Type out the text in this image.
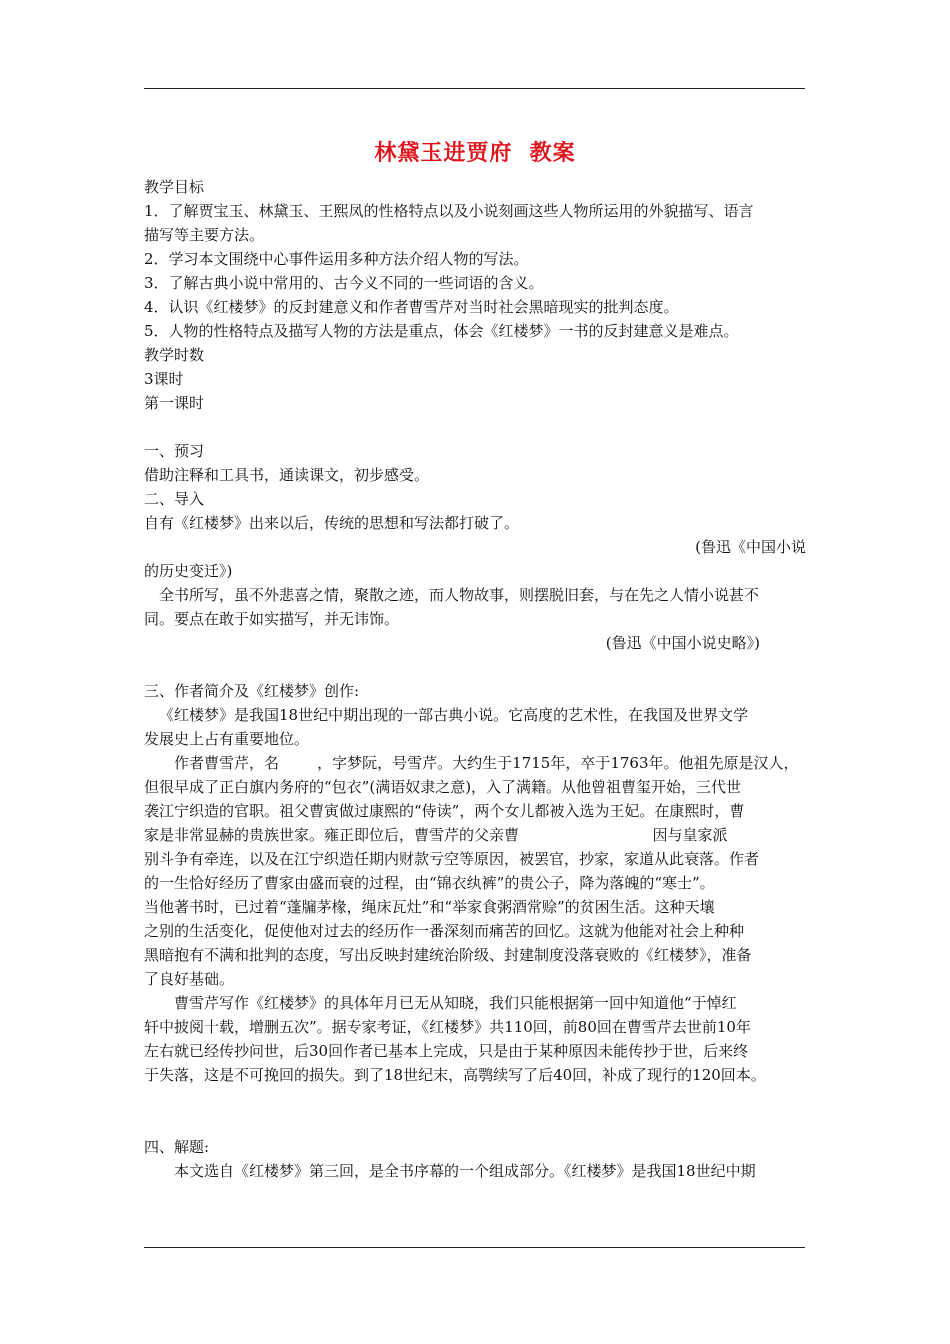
林黛玉进贾府  教案
教学目标
1．了解贾宝玉、林黛玉、王熙凤的性格特点以及小说刻画这些人物所运用的外貌描写、语言
描写等主要方法。
2．学习本文围绕中心事件运用多种方法介绍人物的写法。
3．了解古典小说中常用的、古今义不同的一些词语的含义。
4．认识《红楼梦》的反封建意义和作者曹雪芹对当时社会黑暗现实的批判态度。
5．人物的性格特点及描写人物的方法是重点，体会《红楼梦》一书的反封建意义是难点。
教学时数
3课时
第一课时
一、预习
借助注释和工具书，通读课文，初步感受。
二、导入
自有《红楼梦》出来以后，传统的思想和写法都打破了。
(鲁迅《中国小说
的历史变迁》)
全书所写，虽不外悲喜之情，聚散之迹，而人物故事，则摆脱旧套，与在先之人情小说甚不
同。要点在敢于如实描写，并无讳饰。
(鲁迅《中国小说史略》)
三、作者简介及《红楼梦》创作:
《红楼梦》是我国18世纪中期出现的一部古典小说。它高度的艺术性，在我国及世界文学
发展史上占有重要地位。
作者曹雪芹，名        ，字梦阮，号雪芹。大约生于1715年，卒于1763年。他祖先原是汉人，
但很早成了正白旗内务府的“包衣”(满语奴隶之意)，入了满籍。从他曾祖曹玺开始，三代世
袭江宁织造的官职。祖父曹寅做过康熙的“侍读”，两个女儿都被入选为王妃。在康熙时，曹
家是非常显赫的贵族世家。雍正即位后，曹雪芹的父亲曹                            因与皇家派
别斗争有牵连，以及在江宁织造任期内财款亏空等原因，被罢官，抄家，家道从此衰落。作者
的一生恰好经历了曹家由盛而衰的过程，由“锦衣纨裤”的贵公子，降为落魄的“寒士”。
当他著书时，已过着“蓬牖茅椽，绳床瓦灶”和“举家食粥酒常赊”的贫困生活。这种天壤
之别的生活变化，促使他对过去的经历作一番深刻而痛苦的回忆。这就为他能对社会上种种
黑暗抱有不满和批判的态度，写出反映封建统治阶级、封建制度没落衰败的《红楼梦》，准备
了良好基础。
曹雪芹写作《红楼梦》的具体年月已无从知晓，我们只能根据第一回中知道他“于悼红
轩中披阅十载，增删五次”。据专家考证，《红楼梦》共110回，前80回在曹雪芹去世前10年
左右就已经传抄问世，后30回作者已基本上完成，只是由于某种原因未能传抄于世，后来终
于失落，这是不可挽回的损失。到了18世纪末，高鹗续写了后40回，补成了现行的120回本。
四、解题:
本文选自《红楼梦》第三回，是全书序幕的一个组成部分。《红楼梦》是我国18世纪中期
